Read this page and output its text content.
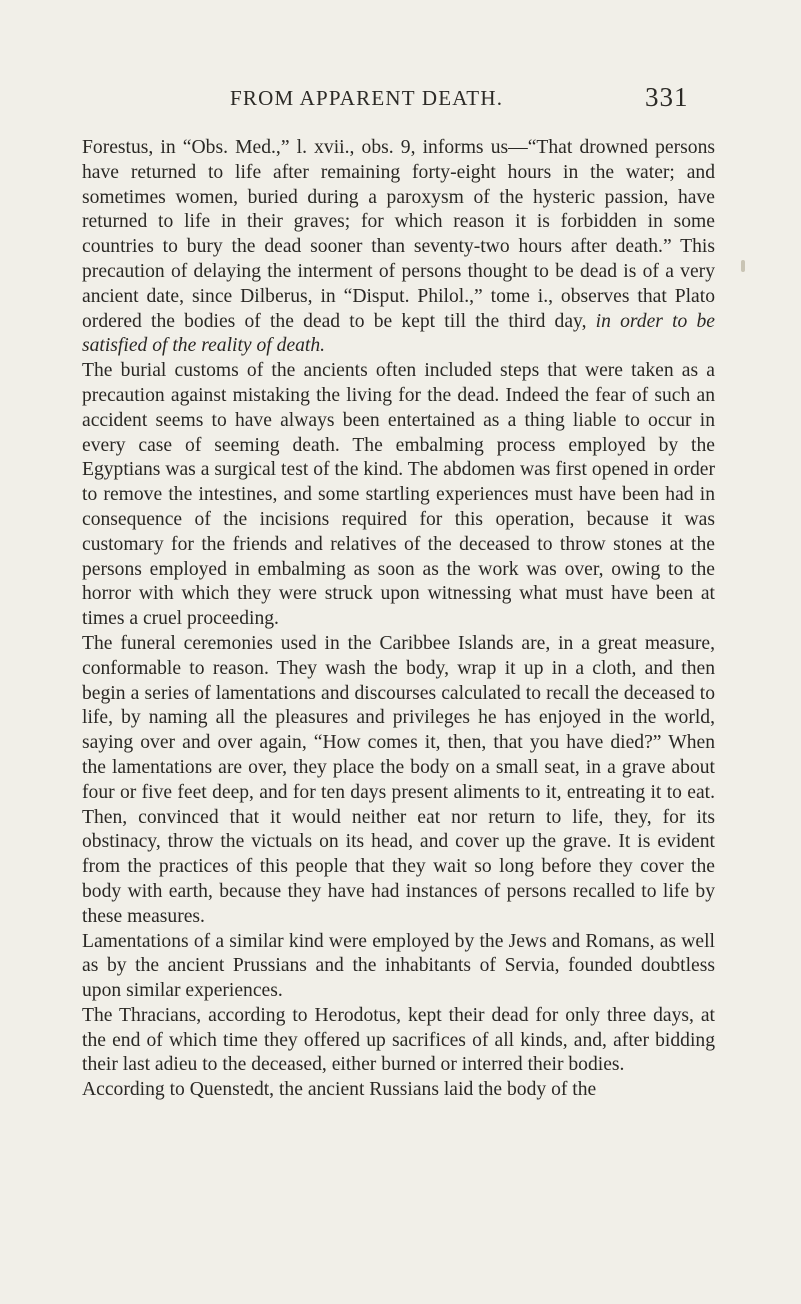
FROM APPARENT DEATH.	331

Forestus, in “Obs. Med.,” l. xvii., obs. 9, informs us—“That drowned persons have returned to life after remaining forty-eight hours in the water; and sometimes women, buried during a paroxysm of the hysteric passion, have returned to life in their graves; for which reason it is forbidden in some countries to bury the dead sooner than seventy-two hours after death.” This precaution of delaying the interment of persons thought to be dead is of a very ancient date, since Dilberus, in “Disput. Philol.,” tome i., observes that Plato ordered the bodies of the dead to be kept till the third day, in order to be satisfied of the reality of death.

The burial customs of the ancients often included steps that were taken as a precaution against mistaking the living for the dead. Indeed the fear of such an accident seems to have always been entertained as a thing liable to occur in every case of seeming death. The embalming process employed by the Egyptians was a surgical test of the kind. The abdomen was first opened in order to remove the intestines, and some startling experiences must have been had in consequence of the incisions required for this operation, because it was customary for the friends and relatives of the deceased to throw stones at the persons employed in embalming as soon as the work was over, owing to the horror with which they were struck upon witnessing what must have been at times a cruel proceeding.

The funeral ceremonies used in the Caribbee Islands are, in a great measure, conformable to reason. They wash the body, wrap it up in a cloth, and then begin a series of lamentations and discourses calculated to recall the deceased to life, by naming all the pleasures and privileges he has enjoyed in the world, saying over and over again, “How comes it, then, that you have died?” When the lamentations are over, they place the body on a small seat, in a grave about four or five feet deep, and for ten days present aliments to it, entreating it to eat. Then, convinced that it would neither eat nor return to life, they, for its obstinacy, throw the victuals on its head, and cover up the grave. It is evident from the practices of this people that they wait so long before they cover the body with earth, because they have had instances of persons recalled to life by these measures.

Lamentations of a similar kind were employed by the Jews and Romans, as well as by the ancient Prussians and the inhabitants of Servia, founded doubtless upon similar experiences.

The Thracians, according to Herodotus, kept their dead for only three days, at the end of which time they offered up sacrifices of all kinds, and, after bidding their last adieu to the deceased, either burned or interred their bodies.

According to Quenstedt, the ancient Russians laid the body of the
